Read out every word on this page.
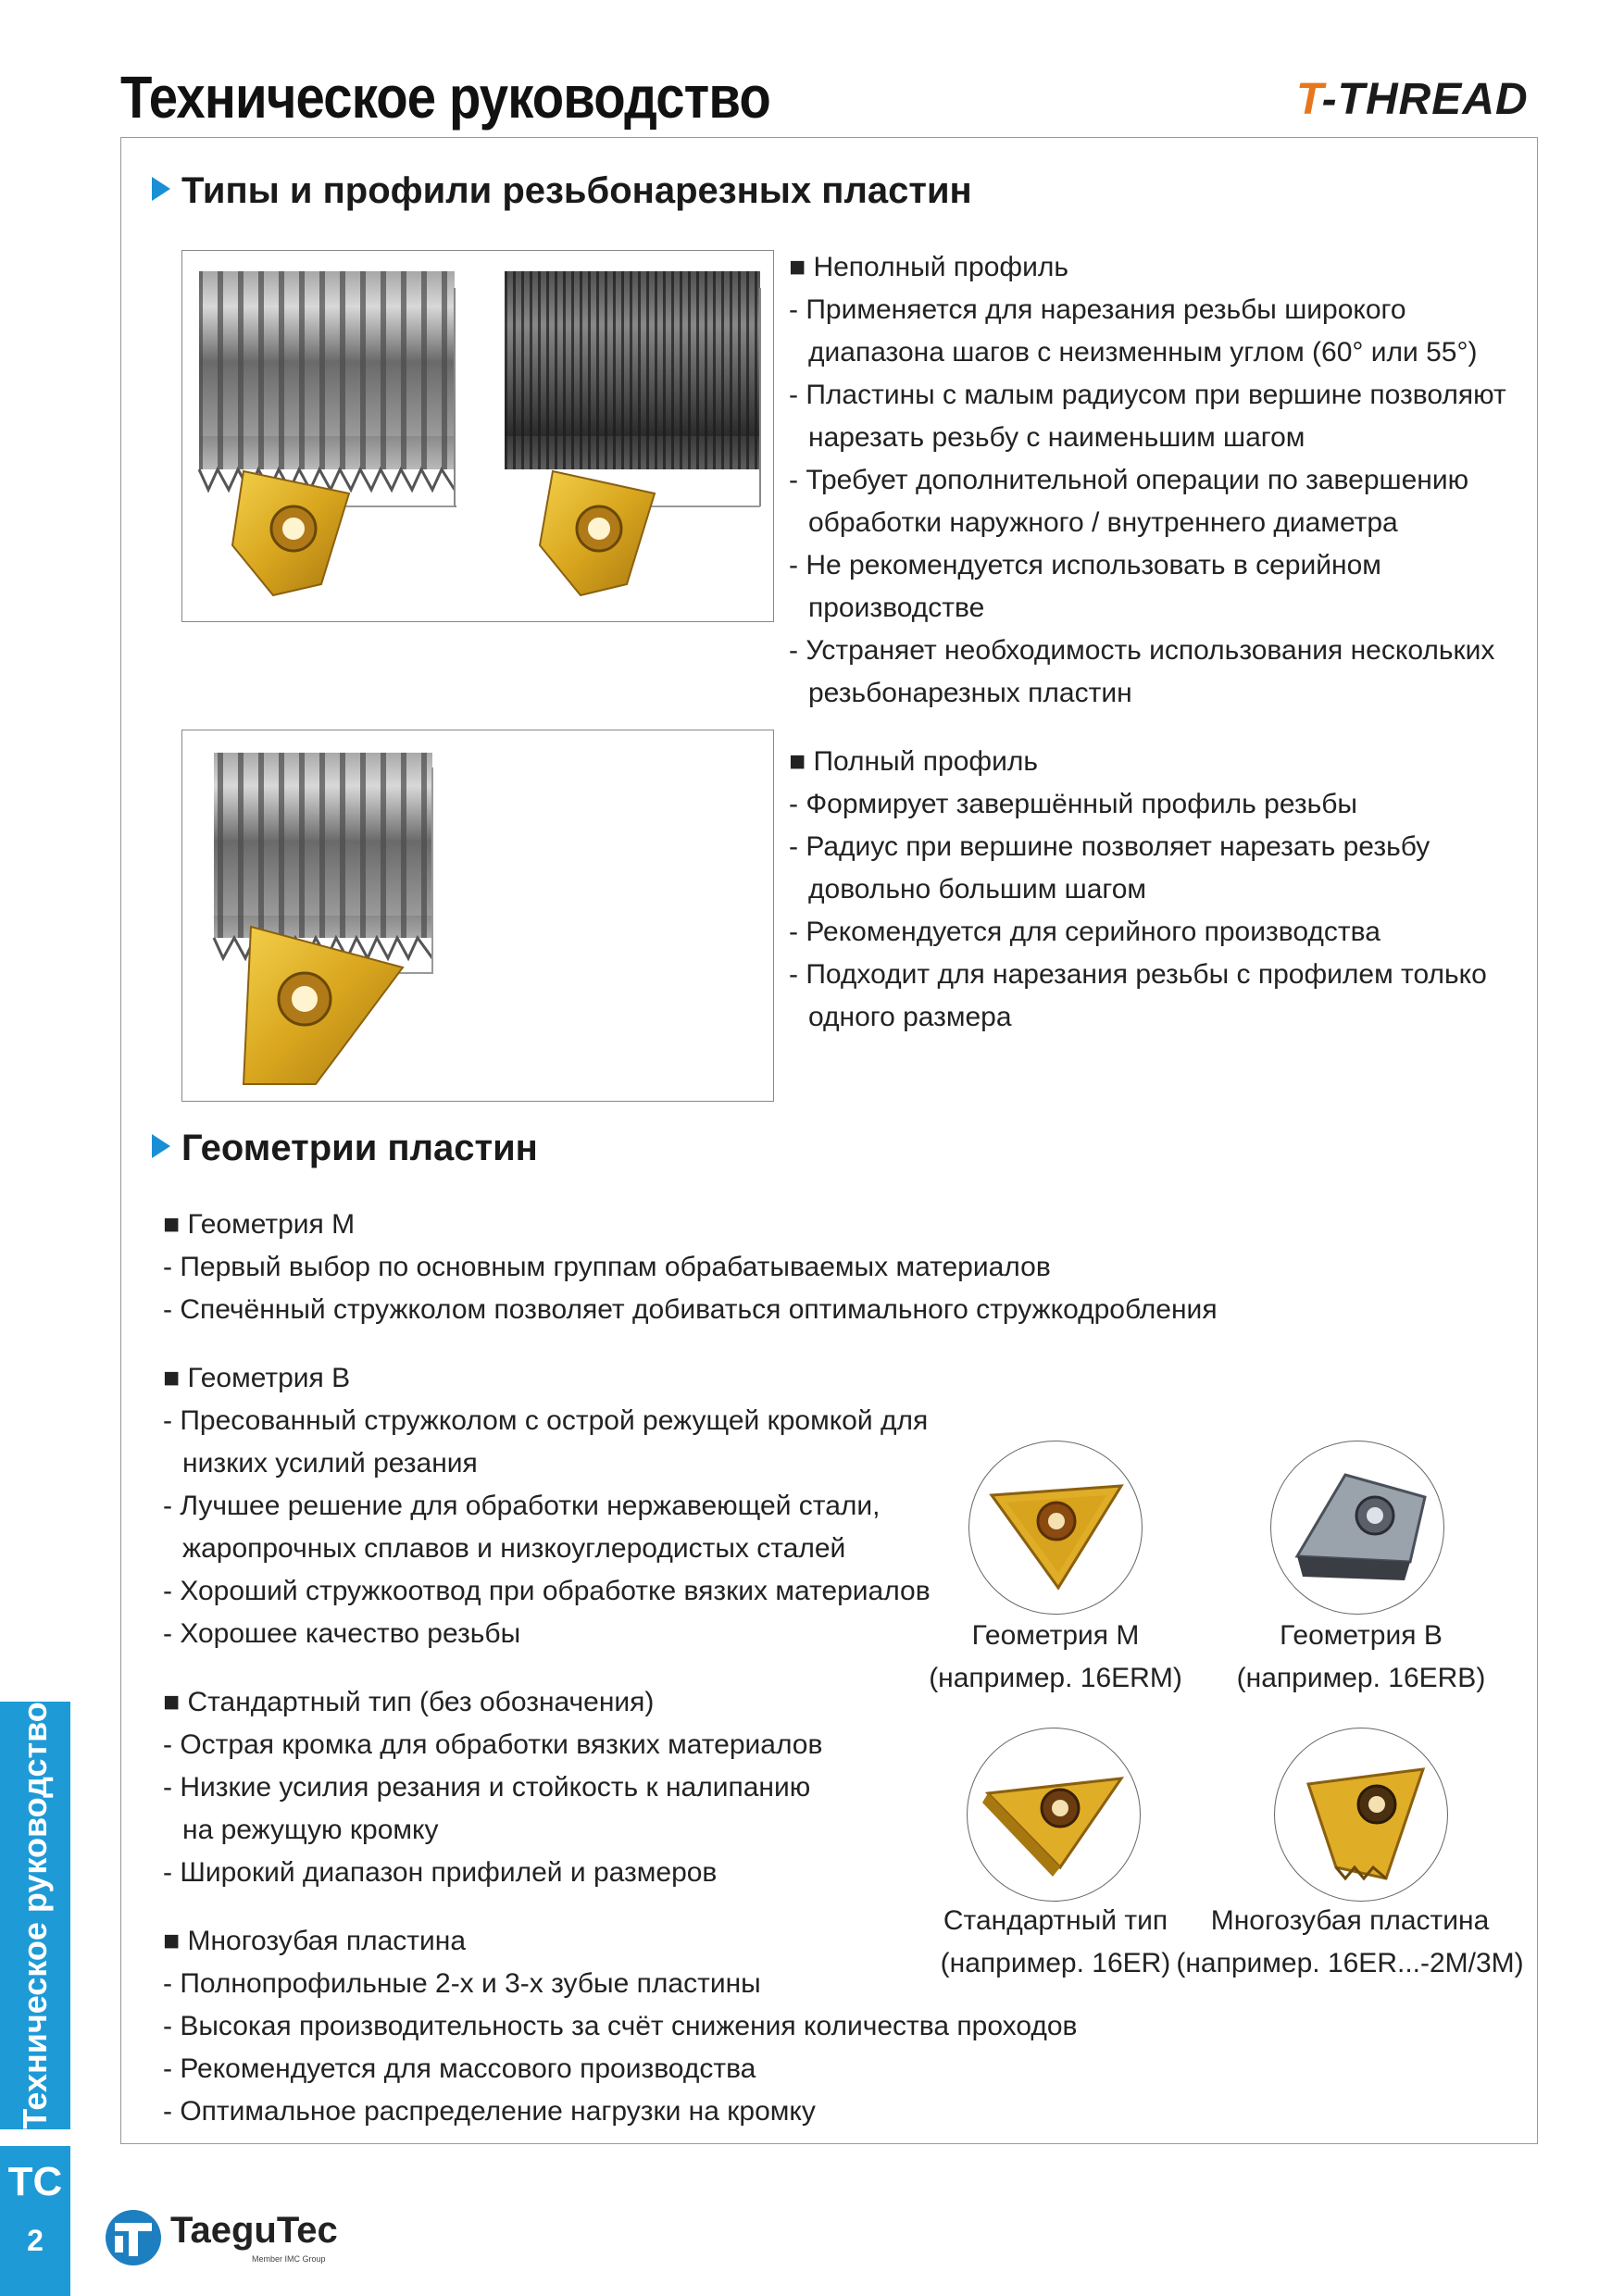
Техническое руководство	T-THREAD
Типы и профили резьбонарезных пластин
■ Неполный профиль
- Применяется для нарезания резьбы широкого
диапазона шагов с неизменным углом (60° или 55°)
- Пластины с малым радиусом при вершине позволяют
нарезать резьбу с наименьшим шагом
- Требует дополнительной операции по завершению
обработки наружного / внутреннего диаметра
- Не рекомендуется использовать в серийном
производстве
- Устраняет необходимость использования нескольких
резьбонарезных пластин
■ Полный профиль
- Формирует завершённый профиль резьбы
- Радиус при вершине позволяет нарезать резьбу
довольно большим шагом
- Рекомендуется для серийного производства
- Подходит для нарезания резьбы с профилем только
одного размера
Геометрии пластин
■ Геометрия M
- Первый выбор по основным группам обрабатываемых материалов
- Спечённый стружколом позволяет добиваться оптимального стружкодробления
■ Геометрия B
- Пресованный стружколом с острой режущей кромкой для
низких усилий резания
- Лучшее решение для обработки нержавеющей стали,
жаропрочных сплавов и низкоуглеродистых сталей
- Хороший стружкоотвод при обработке вязких материалов
- Хорошее качество резьбы
■ Стандартный тип (без обозначения)
- Острая кромка для обработки вязких материалов
- Низкие усилия резания и стойкость к налипанию
на режущую кромку
- Широкий диапазон прифилей и размеров
■ Многозубая пластина
- Полнопрофильные 2-х и 3-х зубые пластины
- Высокая производительность за счёт снижения количества проходов
- Рекомендуется для массового производства
- Оптимальное распределение нагрузки на кромку
Геометрия M
(например. 16ERM)
Геометрия B
(например. 16ERB)
Стандартный тип
(например. 16ER)
Многозубая пластина
(например. 16ER...-2M/3M)
Техническое руководство
TC
2	TaeguTec
Member IMC Group
